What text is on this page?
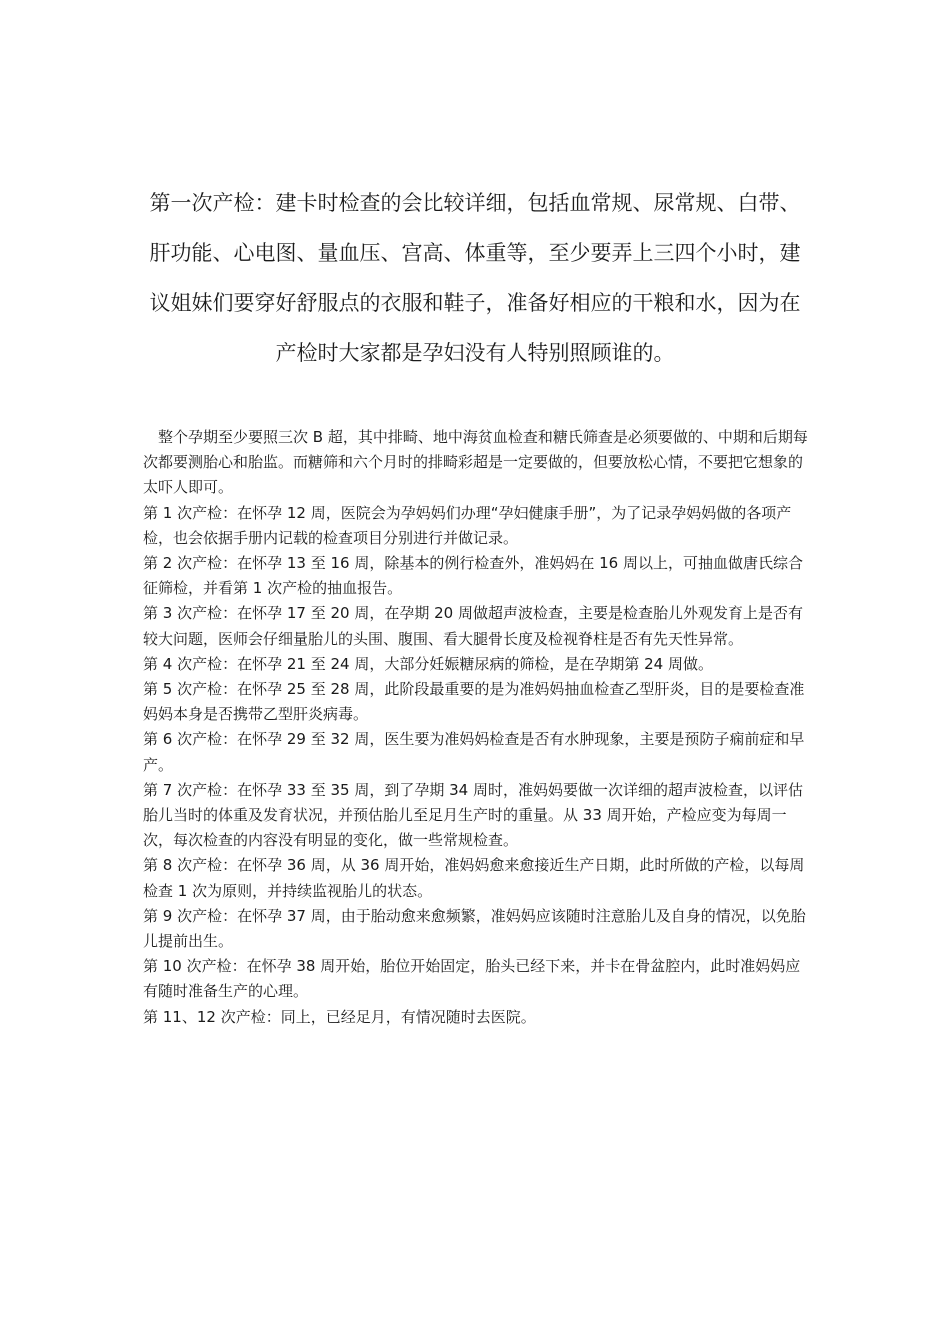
第一次产检：建卡时检查的会比较详细，包括血常规、尿常规、白带、肝功能、心电图、量血压、宫高、体重等，至少要弄上三四个小时，建议姐妹们要穿好舒服点的衣服和鞋子，准备好相应的干粮和水，因为在产检时大家都是孕妇没有人特别照顾谁的。

　整个孕期至少要照三次 B 超，其中排畸、地中海贫血检查和糖氏筛查是必须要做的、中期和后期每次都要测胎心和胎监。而糖筛和六个月时的排畸彩超是一定要做的，但要放松心情，不要把它想象的太吓人即可。

第 1 次产检：在怀孕 12 周，医院会为孕妈妈们办理“孕妇健康手册”，为了记录孕妈妈做的各项产检，也会依据手册内记载的检查项目分别进行并做记录。

第 2 次产检：在怀孕 13 至 16 周，除基本的例行检查外，准妈妈在 16 周以上，可抽血做唐氏综合征筛检，并看第 1 次产检的抽血报告。

第 3 次产检：在怀孕 17 至 20 周，在孕期 20 周做超声波检查，主要是检查胎儿外观发育上是否有较大问题，医师会仔细量胎儿的头围、腹围、看大腿骨长度及检视脊柱是否有先天性异常。

第 4 次产检：在怀孕 21 至 24 周，大部分妊娠糖尿病的筛检，是在孕期第 24 周做。

第 5 次产检：在怀孕 25 至 28 周，此阶段最重要的是为准妈妈抽血检查乙型肝炎，目的是要检查准妈妈本身是否携带乙型肝炎病毒。

第 6 次产检：在怀孕 29 至 32 周，医生要为准妈妈检查是否有水肿现象，主要是预防子痫前症和早产。

第 7 次产检：在怀孕 33 至 35 周，到了孕期 34 周时，准妈妈要做一次详细的超声波检查，以评估胎儿当时的体重及发育状况，并预估胎儿至足月生产时的重量。从 33 周开始，产检应变为每周一次，每次检查的内容没有明显的变化，做一些常规检查。

第 8 次产检：在怀孕 36 周，从 36 周开始，准妈妈愈来愈接近生产日期，此时所做的产检，以每周检查 1 次为原则，并持续监视胎儿的状态。

第 9 次产检：在怀孕 37 周，由于胎动愈来愈频繁，准妈妈应该随时注意胎儿及自身的情况，以免胎儿提前出生。

第 10 次产检：在怀孕 38 周开始，胎位开始固定，胎头已经下来，并卡在骨盆腔内，此时准妈妈应有随时准备生产的心理。

第 11、12 次产检：同上，已经足月，有情况随时去医院。
